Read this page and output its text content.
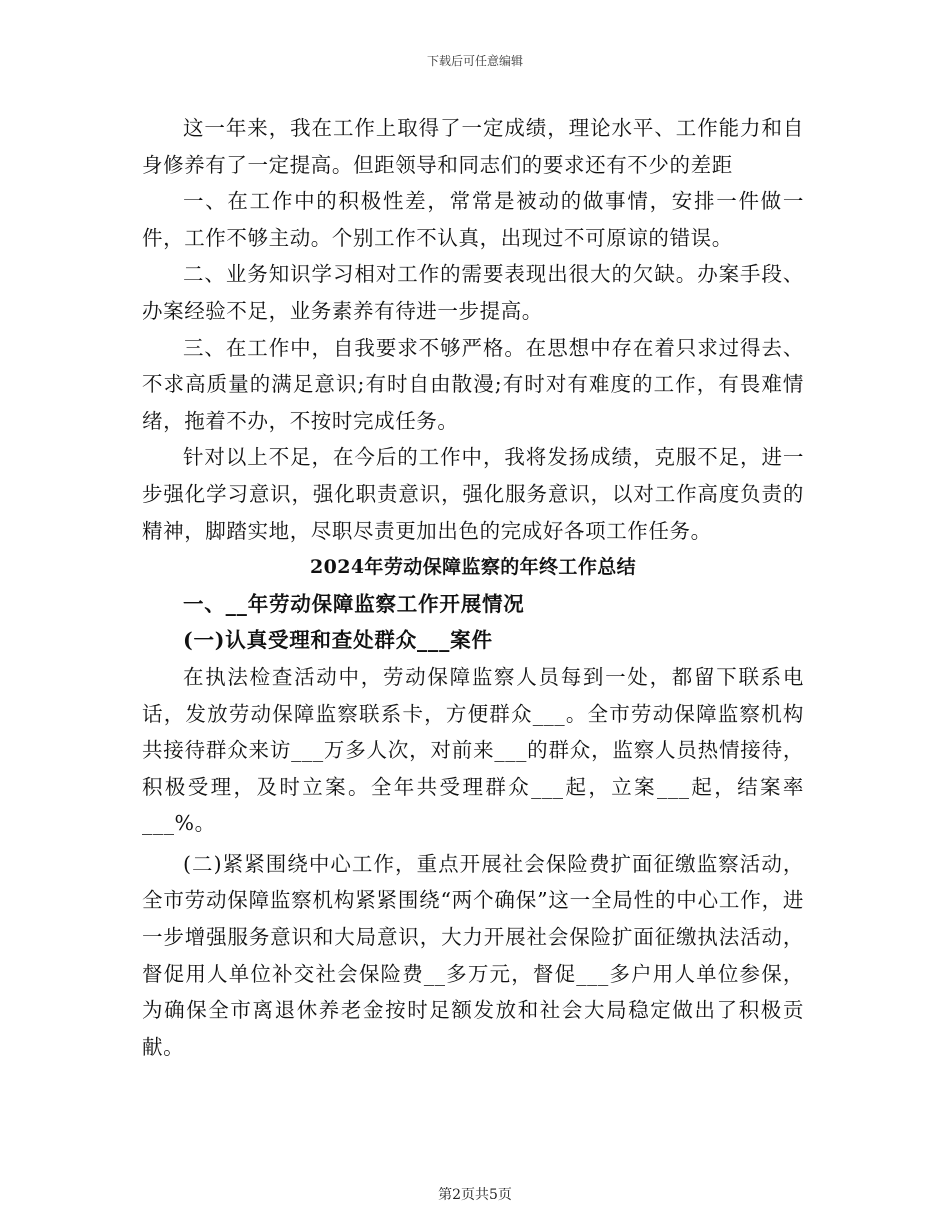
下载后可任意编辑

这一年来，我在工作上取得了一定成绩，理论水平、工作能力和自身修养有了一定提高。但距领导和同志们的要求还有不少的差距

一、在工作中的积极性差，常常是被动的做事情，安排一件做一件，工作不够主动。个别工作不认真，出现过不可原谅的错误。

二、业务知识学习相对工作的需要表现出很大的欠缺。办案手段、办案经验不足，业务素养有待进一步提高。

三、在工作中，自我要求不够严格。在思想中存在着只求过得去、不求高质量的满足意识;有时自由散漫;有时对有难度的工作，有畏难情绪，拖着不办，不按时完成任务。

针对以上不足，在今后的工作中，我将发扬成绩，克服不足，进一步强化学习意识，强化职责意识，强化服务意识，以对工作高度负责的精神，脚踏实地，尽职尽责更加出色的完成好各项工作任务。

2024年劳动保障监察的年终工作总结

一、__年劳动保障监察工作开展情况

(一)认真受理和查处群众___案件

在执法检查活动中，劳动保障监察人员每到一处，都留下联系电话，发放劳动保障监察联系卡，方便群众___。全市劳动保障监察机构共接待群众来访___万多人次，对前来___的群众，监察人员热情接待，积极受理，及时立案。全年共受理群众___起，立案___起，结案率___%。

(二)紧紧围绕中心工作，重点开展社会保险费扩面征缴监察活动，全市劳动保障监察机构紧紧围绕“两个确保”这一全局性的中心工作，进一步增强服务意识和大局意识，大力开展社会保险扩面征缴执法活动，督促用人单位补交社会保险费__多万元，督促___多户用人单位参保，为确保全市离退休养老金按时足额发放和社会大局稳定做出了积极贡献。

第2页共5页
